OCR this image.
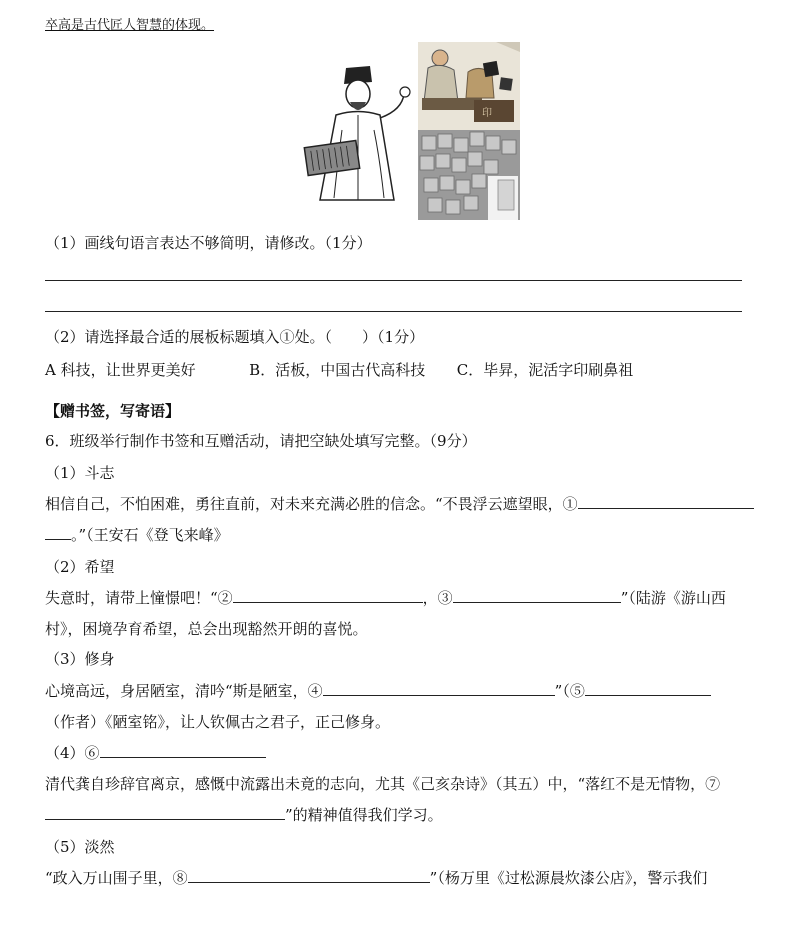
卒高是古代匠人智慧的体现。
印
（1）画线句语言表达不够简明，请修改。（1分）
（2）请选择最合适的展板标题填入①处。（　　）（1分）
A 科技，让世界更美好	B．活板，中国古代高科技 C．毕昇，泥活字印刷鼻祖
【赠书签，写寄语】
6．班级举行制作书签和互赠活动，请把空缺处填写完整。（9分）
（1）斗志
相信自己，不怕困难，勇往直前，对未来充满必胜的信念。“不畏浮云遮望眼，①
。”（王安石《登飞来峰》
（2）希望
失意时，请带上憧憬吧！“②	，③	”（陆游《游山西
村》，困境孕育希望，总会出现豁然开朗的喜悦。
（3）修身
心境高远，身居陋室，清吟“斯是陋室，④	”（⑤
（作者）《陋室铭》，让人钦佩古之君子，正己修身。
（4）⑥
清代龚自珍辞官离京，感慨中流露出未竟的志向，尤其《己亥杂诗》（其五）中，“落红不是无情物，⑦
”的精神值得我们学习。
（5）淡然
“政入万山围子里，⑧	”（杨万里《过松源晨炊漆公店》，警示我们
